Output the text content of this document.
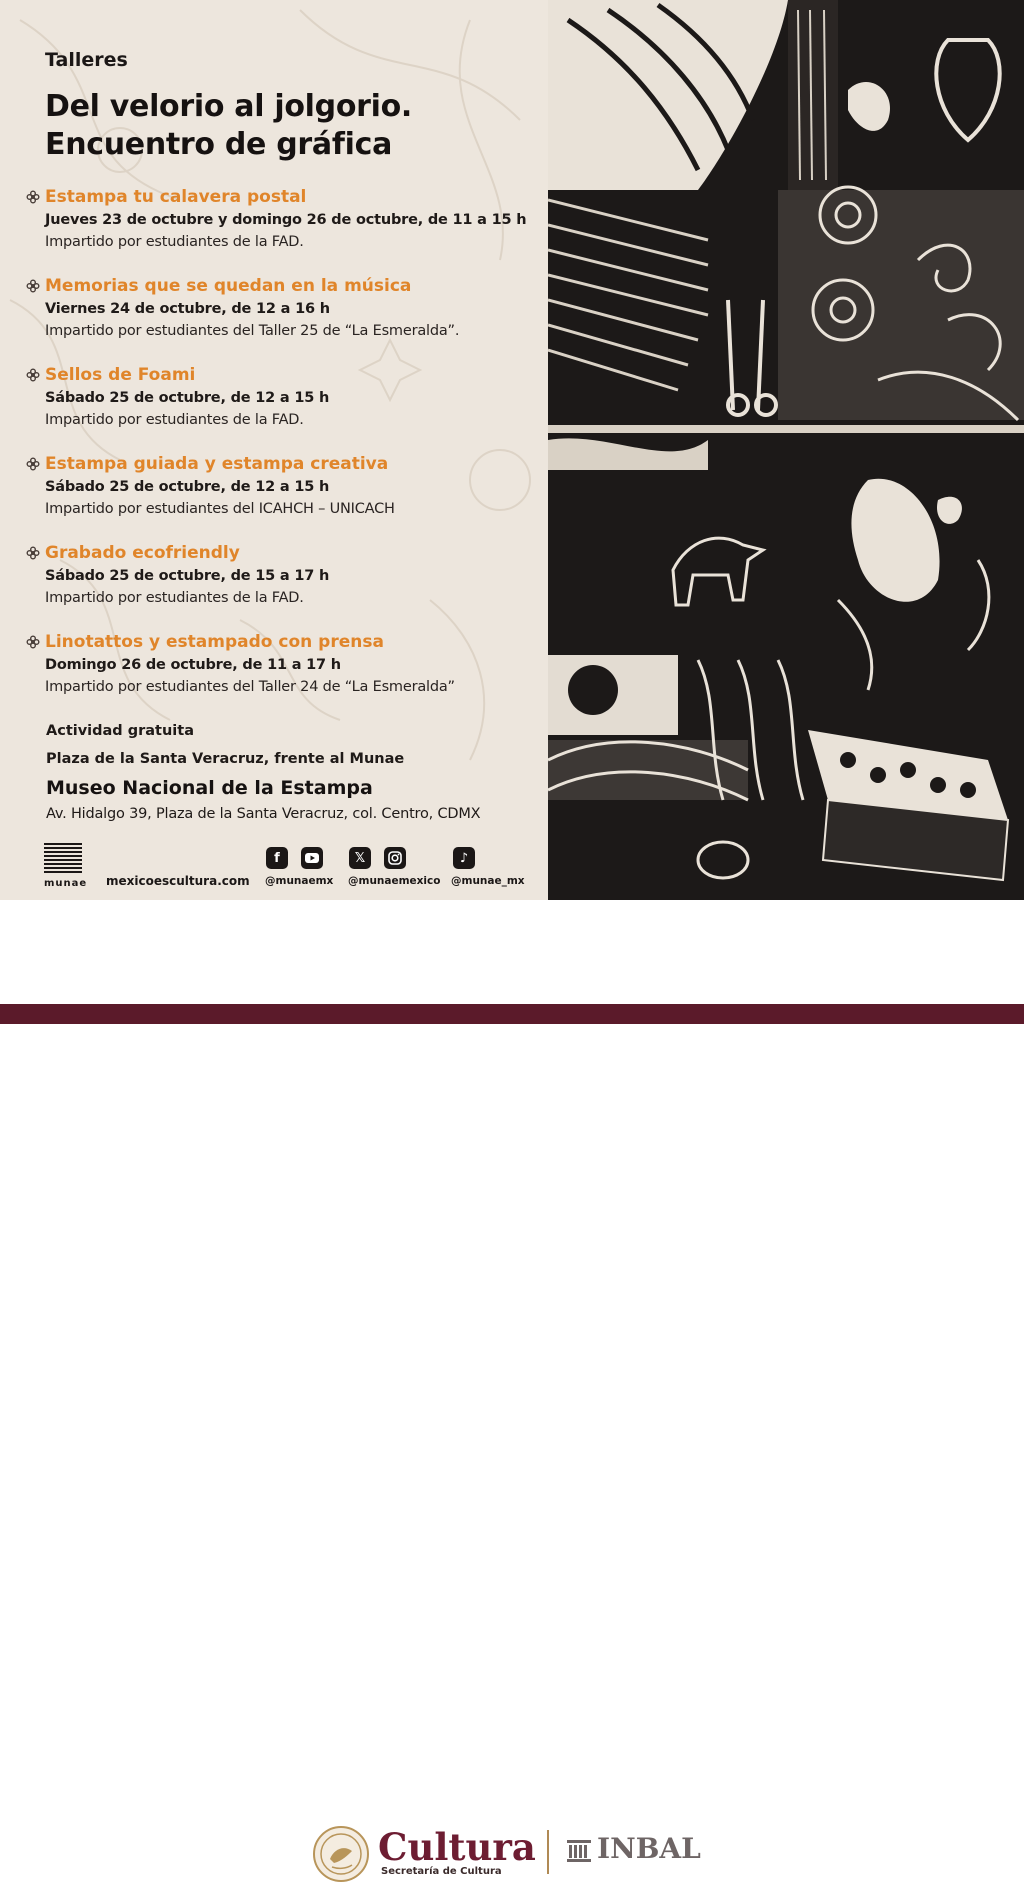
Talleres
Del velorio al jolgorio.
Encuentro de gráfica
Estampa tu calavera postal
Jueves 23 de octubre y domingo 26 de octubre, de 11 a 15 h
Impartido por estudiantes de la FAD.
Memorias que se quedan en la música
Viernes 24 de octubre, de 12 a 16 h
Impartido por estudiantes del Taller 25 de “La Esmeralda”.
Sellos de Foami
Sábado 25 de octubre, de 12 a 15 h
Impartido por estudiantes de la FAD.
Estampa guiada y estampa creativa
Sábado 25 de octubre, de 12 a 15 h
Impartido por estudiantes del ICAHCH – UNICACH
Grabado ecofriendly
Sábado 25 de octubre, de 15 a 17 h
Impartido por estudiantes de la FAD.
Linotattos y estampado con prensa
Domingo 26 de octubre, de 11 a 17 h
Impartido por estudiantes del Taller 24 de “La Esmeralda”
Actividad gratuita
Plaza de la Santa Veracruz, frente al Munae
Museo Nacional de la Estampa
Av. Hidalgo 39, Plaza de la Santa Veracruz, col. Centro, CDMX
munae mexicoescultura.com
f	𝕏	♪
@munaemx @munaemexico @munae_mx
Cultura
Secretaría de Cultura
INBAL
